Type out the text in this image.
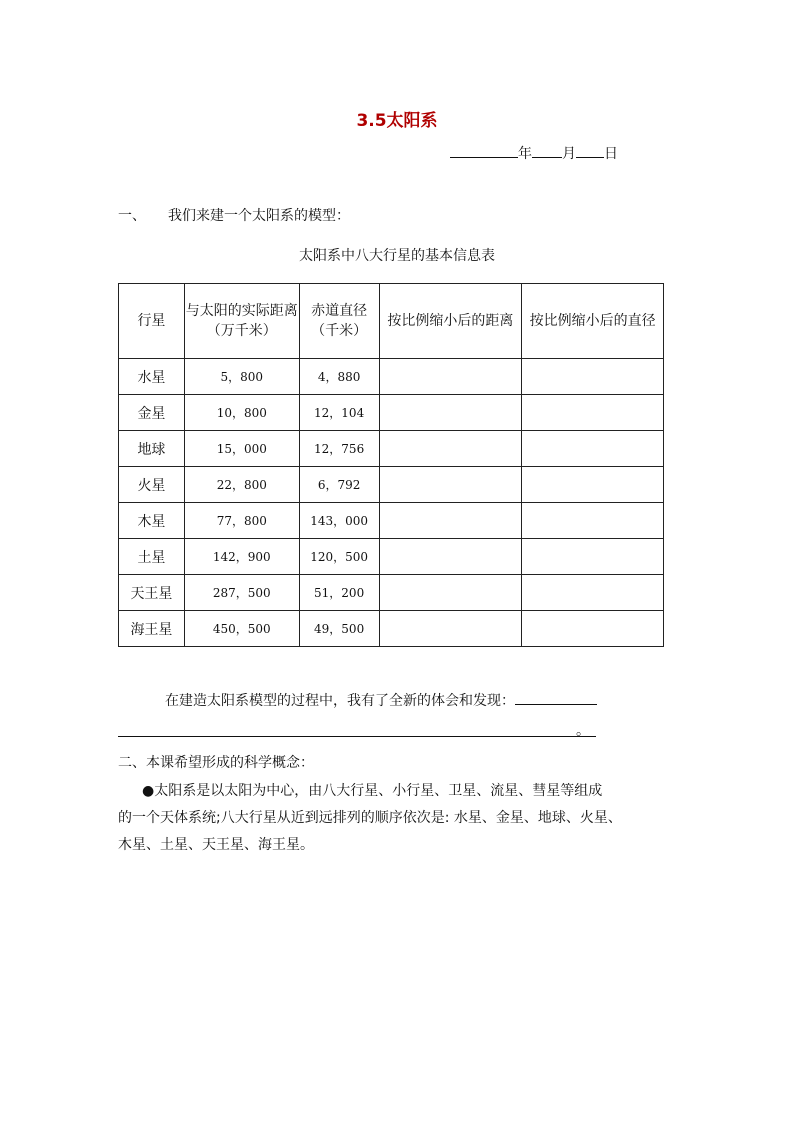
3.5太阳系
年 月 日
一、 我们来建一个太阳系的模型：
太阳系中八大行星的基本信息表
行星	与太阳的实际距离（万千米）	赤道直径（千米）	按比例缩小后的距离	按比例缩小后的直径
水星	5，800	4，880		
金星	10，800	12，104		
地球	15，000	12，756		
火星	22，800	6，792		
木星	77，800	143，000		
土星	142，900	120，500		
天王星	287，500	51，200		
海王星	450，500	49，500		
在建造太阳系模型的过程中，我有了全新的体会和发现：
。
二、本课希望形成的科学概念：

●太阳系是以太阳为中心，由八大行星、小行星、卫星、流星、彗星等组成

的一个天体系统;八大行星从近到远排列的顺序依次是: 水星、金星、地球、火星、

木星、土星、天王星、海王星。
